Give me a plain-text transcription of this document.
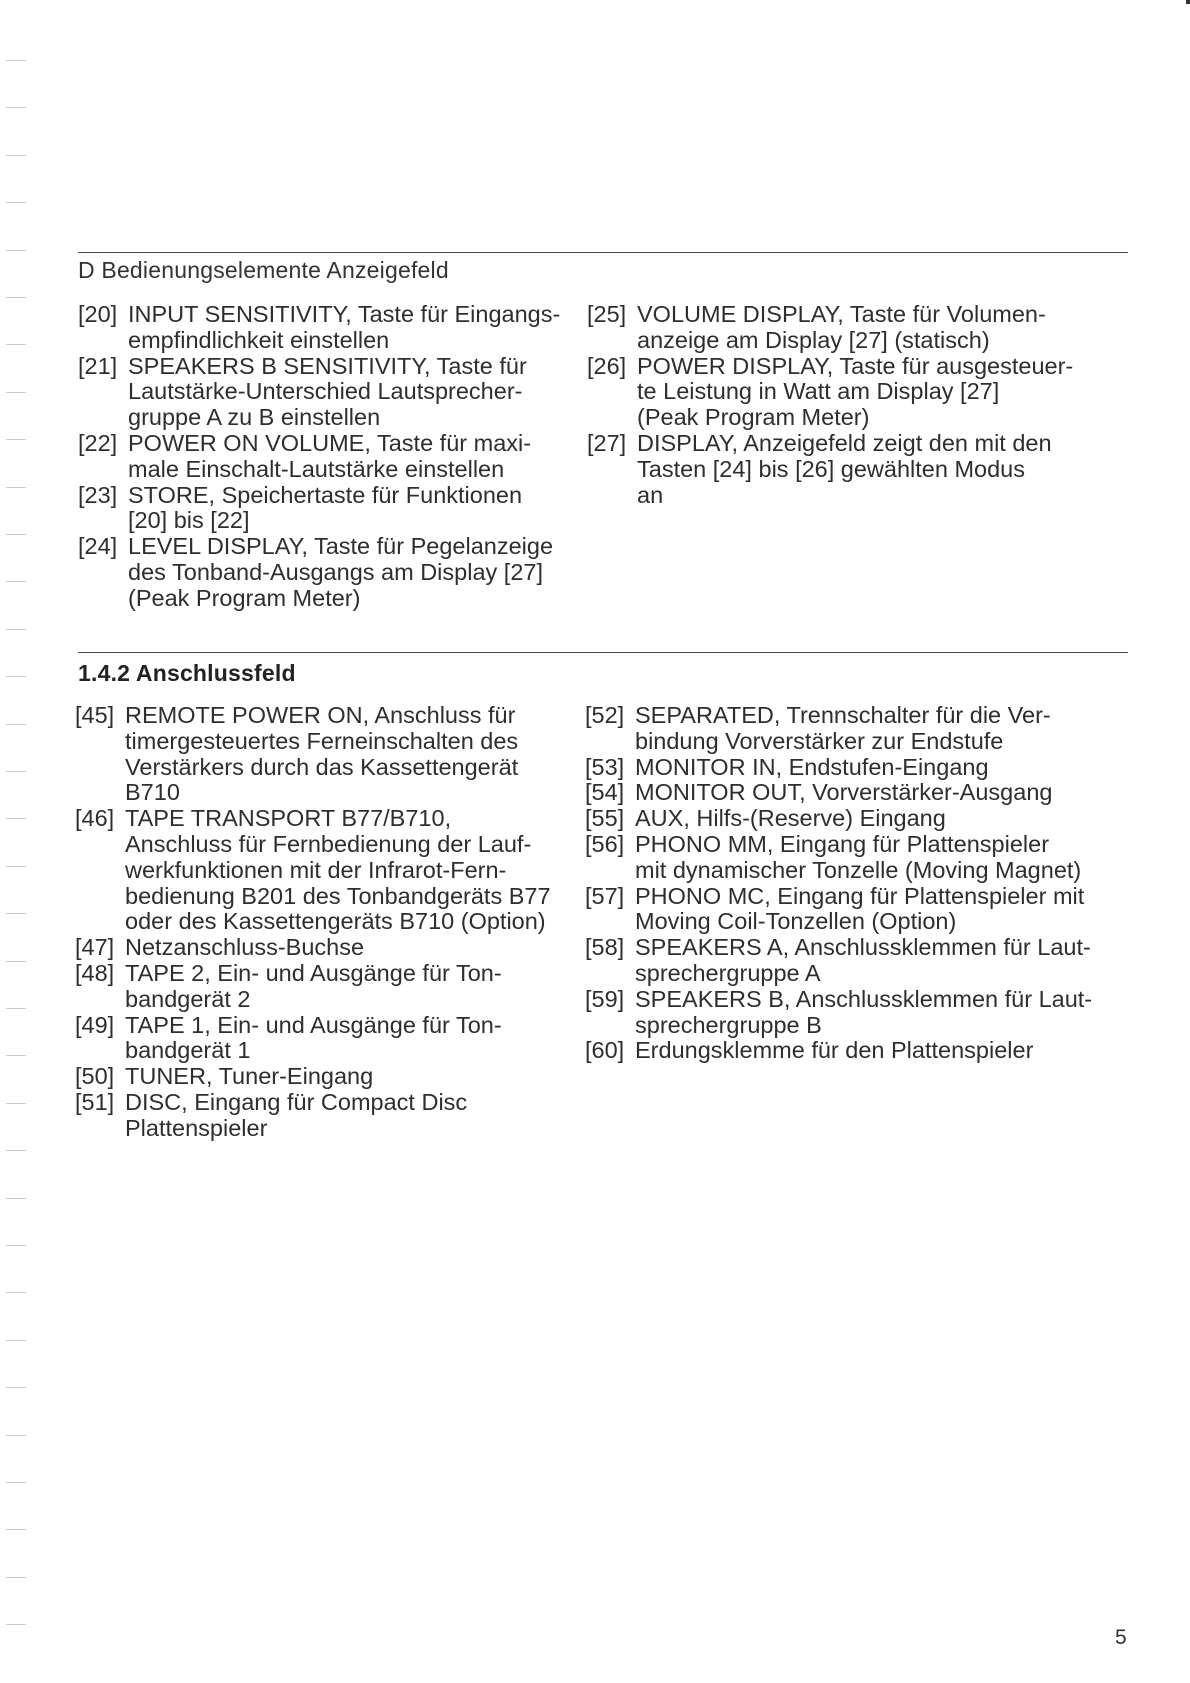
D Bedienungselemente Anzeigefeld
[20] INPUT SENSITIVITY, Taste für Eingangs-
empfindlichkeit einstellen
[21] SPEAKERS B SENSITIVITY, Taste für
Lautstärke-Unterschied Lautsprecher-
gruppe A zu B einstellen
[22] POWER ON VOLUME, Taste für maxi-
male Einschalt-Lautstärke einstellen
[23] STORE, Speichertaste für Funktionen
[20] bis [22]
[24] LEVEL DISPLAY, Taste für Pegelanzeige
des Tonband-Ausgangs am Display [27]
(Peak Program Meter)
[25] VOLUME DISPLAY, Taste für Volumen-
anzeige am Display [27] (statisch)
[26] POWER DISPLAY, Taste für ausgesteuer-
te Leistung in Watt am Display [27]
(Peak Program Meter)
[27] DISPLAY, Anzeigefeld zeigt den mit den
Tasten [24] bis [26] gewählten Modus
an
1.4.2 Anschlussfeld
[45] REMOTE POWER ON, Anschluss für
timergesteuertes Ferneinschalten des
Verstärkers durch das Kassettengerät
B710
[46] TAPE TRANSPORT B77/B710,
Anschluss für Fernbedienung der Lauf-
werkfunktionen mit der Infrarot-Fern-
bedienung B201 des Tonbandgeräts B77
oder des Kassettengeräts B710 (Option)
[47] Netzanschluss-Buchse
[48] TAPE 2, Ein- und Ausgänge für Ton-
bandgerät 2
[49] TAPE 1, Ein- und Ausgänge für Ton-
bandgerät 1
[50] TUNER, Tuner-Eingang
[51] DISC, Eingang für Compact Disc
Plattenspieler
[52] SEPARATED, Trennschalter für die Ver-
bindung Vorverstärker zur Endstufe
[53] MONITOR IN, Endstufen-Eingang
[54] MONITOR OUT, Vorverstärker-Ausgang
[55] AUX, Hilfs-(Reserve) Eingang
[56] PHONO MM, Eingang für Plattenspieler
mit dynamischer Tonzelle (Moving Magnet)
[57] PHONO MC, Eingang für Plattenspieler mit
Moving Coil-Tonzellen (Option)
[58] SPEAKERS A, Anschlussklemmen für Laut-
sprechergruppe A
[59] SPEAKERS B, Anschlussklemmen für Laut-
sprechergruppe B
[60] Erdungsklemme für den Plattenspieler
5
